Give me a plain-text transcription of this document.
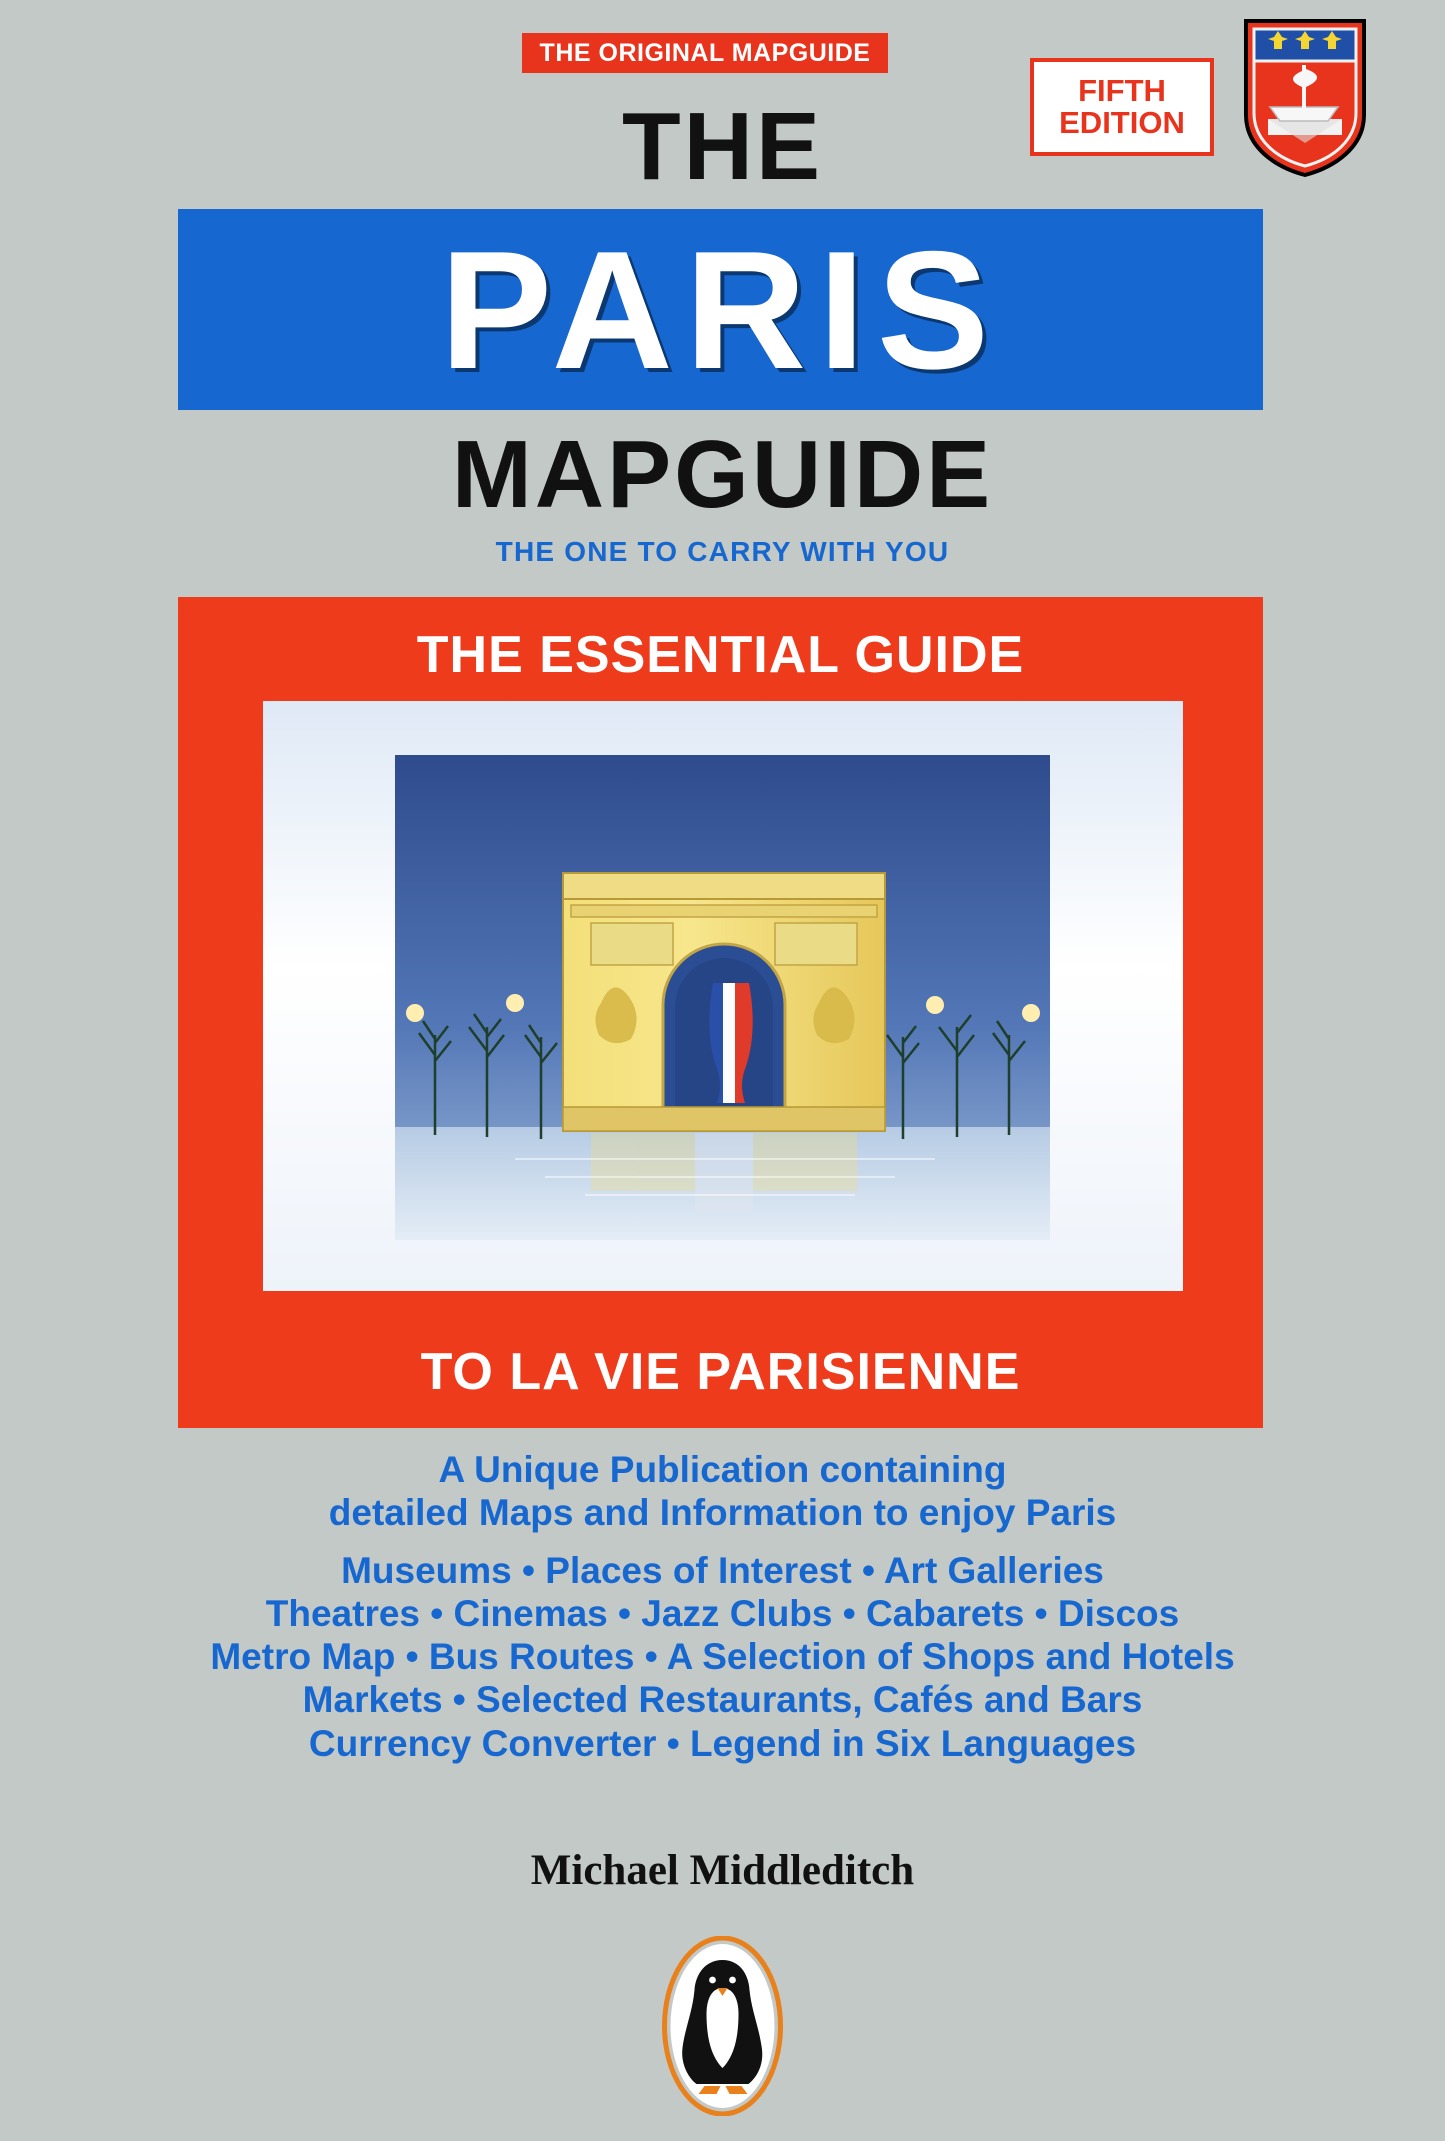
THE ORIGINAL MAPGUIDE
FIFTH
EDITION
THE
PARIS
MAPGUIDE
THE ONE TO CARRY WITH YOU
THE ESSENTIAL GUIDE
TO LA VIE PARISIENNE
A Unique Publication containing
detailed Maps and Information to enjoy Paris
Museums • Places of Interest • Art Galleries
Theatres • Cinemas • Jazz Clubs • Cabarets • Discos
Metro Map • Bus Routes • A Selection of Shops and Hotels
Markets • Selected Restaurants, Cafés and Bars
Currency Converter • Legend in Six Languages
Michael Middleditch
